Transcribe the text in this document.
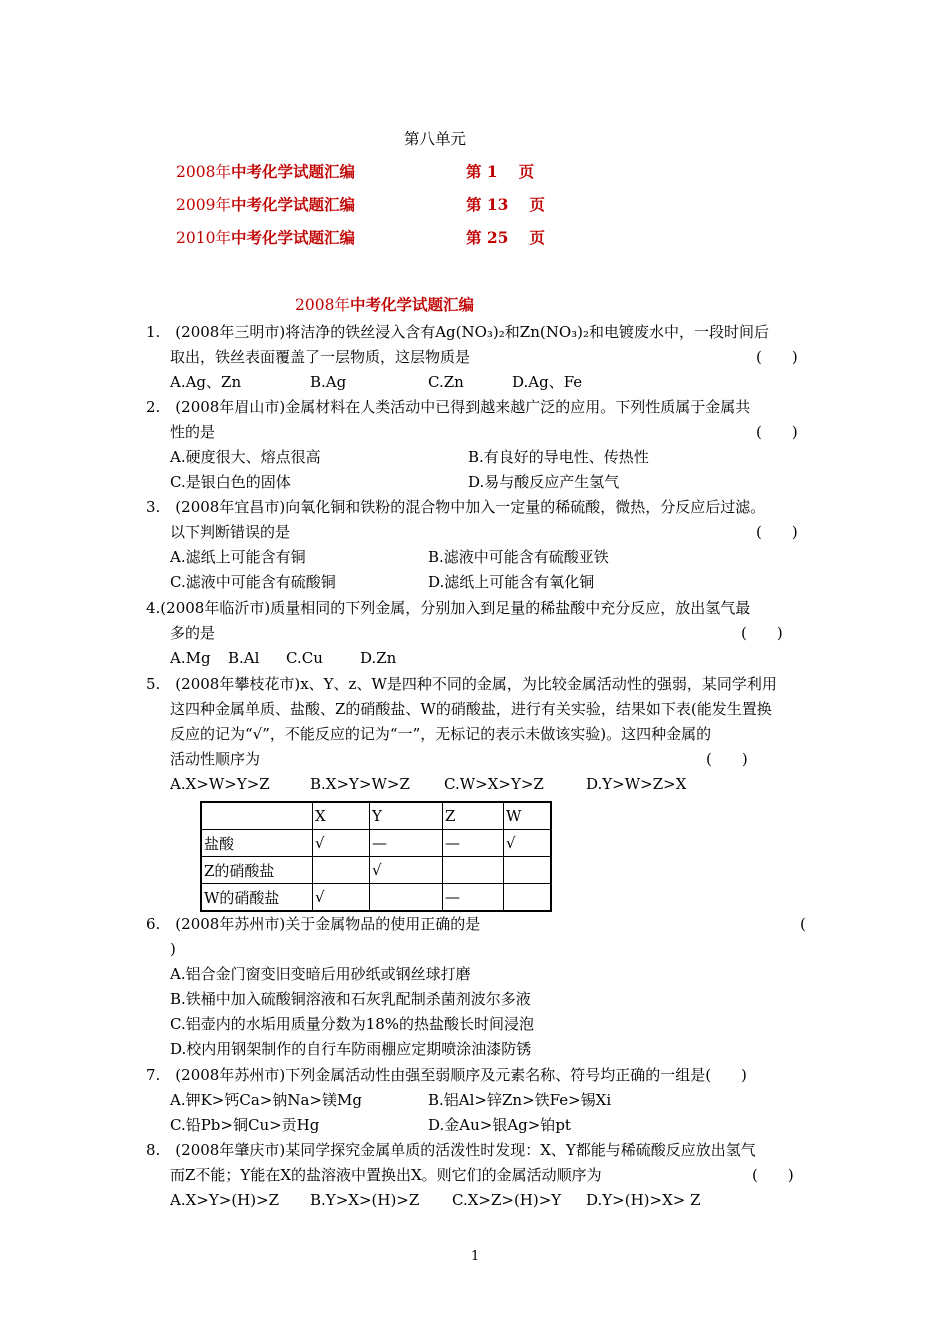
第八单元
2008年中考化学试题汇编	第 1　 页
2009年中考化学试题汇编	第 13　 页
2010年中考化学试题汇编	第 25　 页
2008年中考化学试题汇编
1.　(2008年三明市)将洁净的铁丝浸入含有Ag(NO₃)₂和Zn(NO₃)₂和电镀废水中，一段时间后
取出，铁丝表面覆盖了一层物质，这层物质是	(　　)
A.Ag、Zn	B.Ag	C.Zn	D.Ag、Fe
2.　(2008年眉山市)金属材料在人类活动中已得到越来越广泛的应用。下列性质属于金属共
性的是	(　　)
A.硬度很大、熔点很高	B.有良好的导电性、传热性
C.是银白色的固体	D.易与酸反应产生氢气
3.　(2008年宜昌市)向氧化铜和铁粉的混合物中加入一定量的稀硫酸，微热，分反应后过滤。
以下判断错误的是	(　　)
A.滤纸上可能含有铜	B.滤液中可能含有硫酸亚铁
C.滤液中可能含有硫酸铜	D.滤纸上可能含有氧化铜
4.(2008年临沂市)质量相同的下列金属，分别加入到足量的稀盐酸中充分反应，放出氢气最
多的是	(　　)
A.Mg B.Al C.Cu D.Zn
5.　(2008年攀枝花市)x、Y、z、W是四种不同的金属，为比较金属活动性的强弱，某同学利用
这四种金属单质、盐酸、Z的硝酸盐、W的硝酸盐，进行有关实验，结果如下表(能发生置换
反应的记为“√”，不能反应的记为“一”，无标记的表示未做该实验)。这四种金属的
活动性顺序为	(　　)
A.X>W>Y>Z	B.X>Y>W>Z C.W>X>Y>Z	D.Y>W>Z>X
	X	Y	Z	W
盐酸	√	—	—	√
Z的硝酸盐		√		
W的硝酸盐	√		—	
6.　(2008年苏州市)关于金属物品的使用正确的是	(
)
A.铝合金门窗变旧变暗后用砂纸或钢丝球打磨
B.铁桶中加入硫酸铜溶液和石灰乳配制杀菌剂波尔多液
C.铝壶内的水垢用质量分数为18%的热盐酸长时间浸泡
D.校内用钢架制作的自行车防雨棚应定期喷涂油漆防锈
7.　(2008年苏州市)下列金属活动性由强至弱顺序及元素名称、符号均正确的一组是(　　)
A.钾K>钙Ca>钠Na>镁Mg	B.铝Al>锌Zn>铁Fe>锡Xi
C.铅Pb>铜Cu>贡Hg	D.金Au>银Ag>铂pt
8.　(2008年肇庆市)某同学探究金属单质的活泼性时发现：X、Y都能与稀硫酸反应放出氢气
而Z不能；Y能在X的盐溶液中置换出X。则它们的金属活动顺序为	(　　)
A.X>Y>(H)>Z B.Y>X>(H)>Z C.X>Z>(H)>Y D.Y>(H)>X> Z
1
